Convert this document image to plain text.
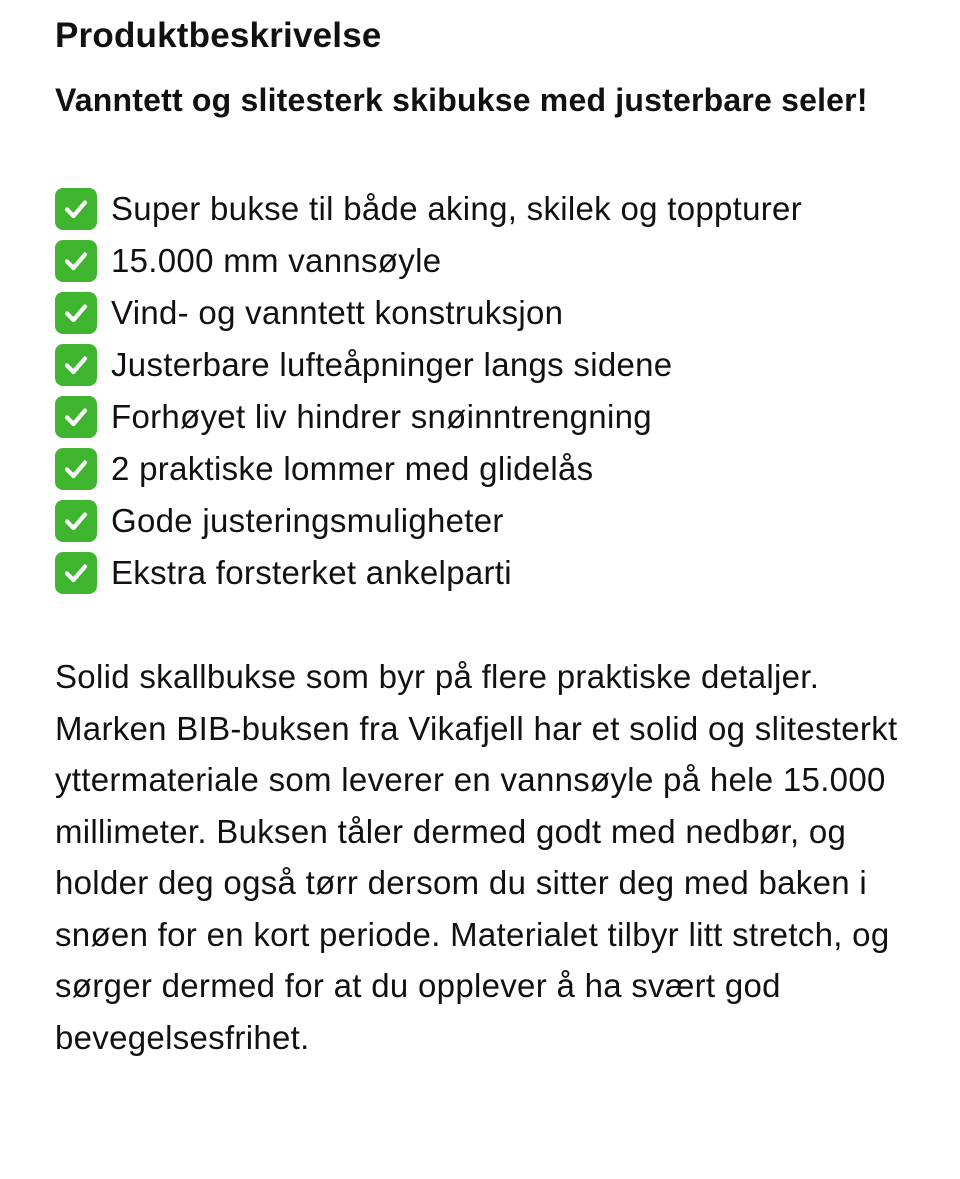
Produktbeskrivelse

Vanntett og slitesterk skibukse med justerbare seler!

Super bukse til både aking, skilek og toppturer
15.000 mm vannsøyle
Vind- og vanntett konstruksjon
Justerbare lufteåpninger langs sidene
Forhøyet liv hindrer snøinntrengning
2 praktiske lommer med glidelås
Gode justeringsmuligheter
Ekstra forsterket ankelparti

Solid skallbukse som byr på flere praktiske detaljer. Marken BIB-buksen fra Vikafjell har et solid og slitesterkt yttermateriale som leverer en vannsøyle på hele 15.000 millimeter. Buksen tåler dermed godt med nedbør, og holder deg også tørr dersom du sitter deg med baken i snøen for en kort periode. Materialet tilbyr litt stretch, og sørger dermed for at du opplever å ha svært god bevegelsesfrihet.
